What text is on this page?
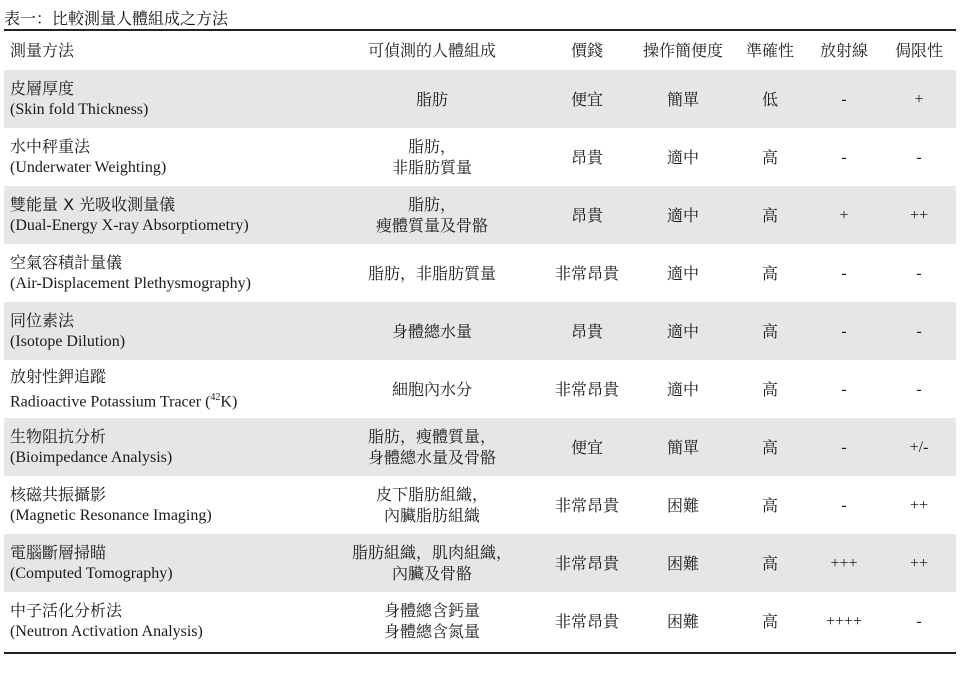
表一：比較測量人體組成之方法
測量方法	可偵測的人體組成	價錢	操作簡便度	準確性	放射線	侷限性

皮層厚度
(Skin fold Thickness)	脂肪	便宜	簡單	低	-	+

水中秤重法
(Underwater Weighting)	脂肪，
非脂肪質量	昂貴	適中	高	-	-

雙能量 X 光吸收測量儀
(Dual-Energy X-ray Absorptiometry)	脂肪，
瘦體質量及骨骼	昂貴	適中	高	+	++

空氣容積計量儀
(Air-Displacement Plethysmography)	脂肪，非脂肪質量	非常昂貴	適中	高	-	-

同位素法
(Isotope Dilution)	身體總水量	昂貴	適中	高	-	-

放射性鉀追蹤
Radioactive Potassium Tracer ($^{42}$K)	細胞內水分	非常昂貴	適中	高	-	-

生物阻抗分析
(Bioimpedance Analysis)	脂肪，瘦體質量，
身體總水量及骨骼	便宜	簡單	高	-	+/-

核磁共振攝影
(Magnetic Resonance Imaging)	皮下脂肪組織，
內臟脂肪組織	非常昂貴	困難	高	-	++

電腦斷層掃瞄
(Computed Tomography)	脂肪組織，肌肉組織，
內臟及骨骼	非常昂貴	困難	高	+++	++

中子活化分析法
(Neutron Activation Analysis)	身體總含鈣量
身體總含氮量	非常昂貴	困難	高	++++	-
